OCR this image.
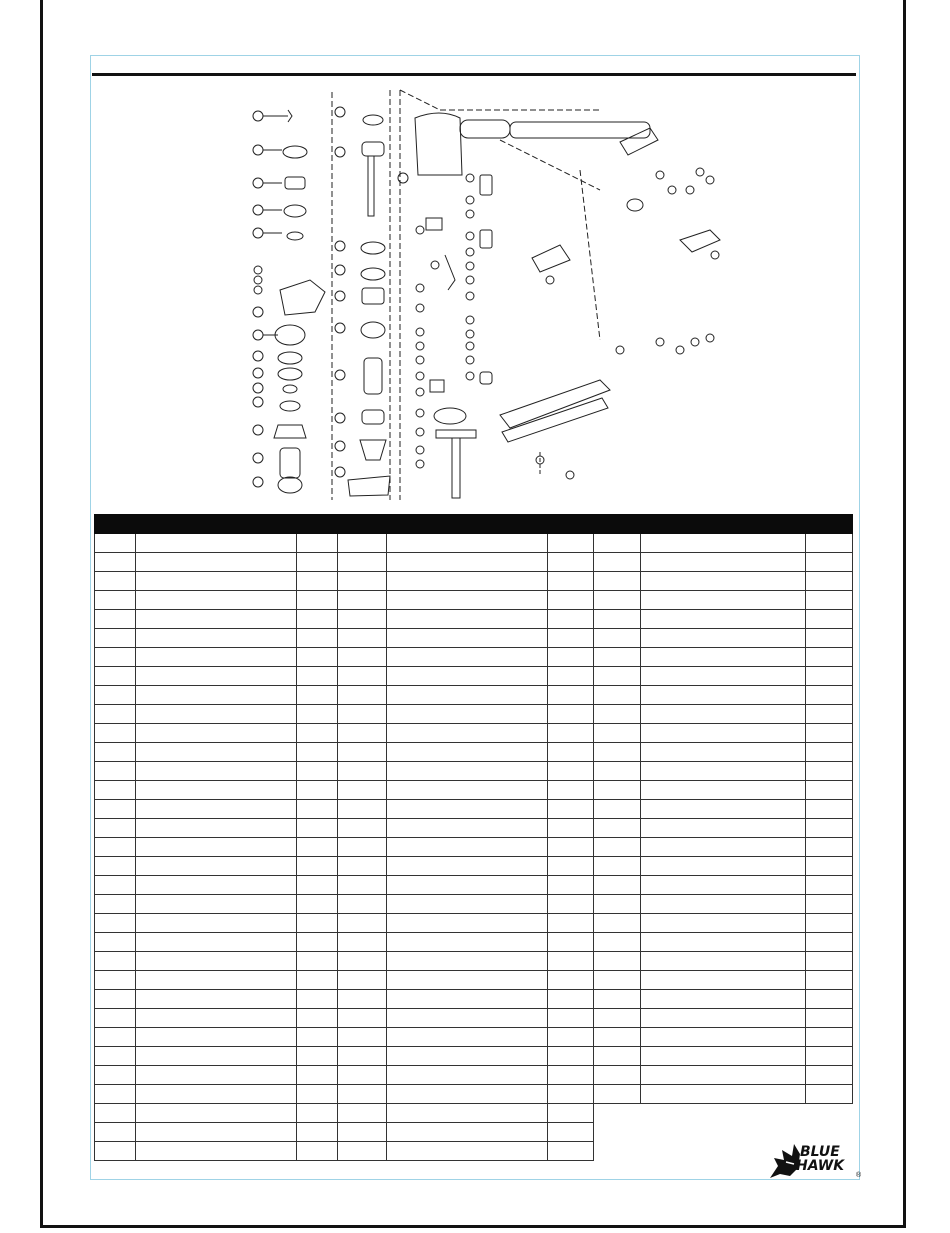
BLUE
HAWK
®
